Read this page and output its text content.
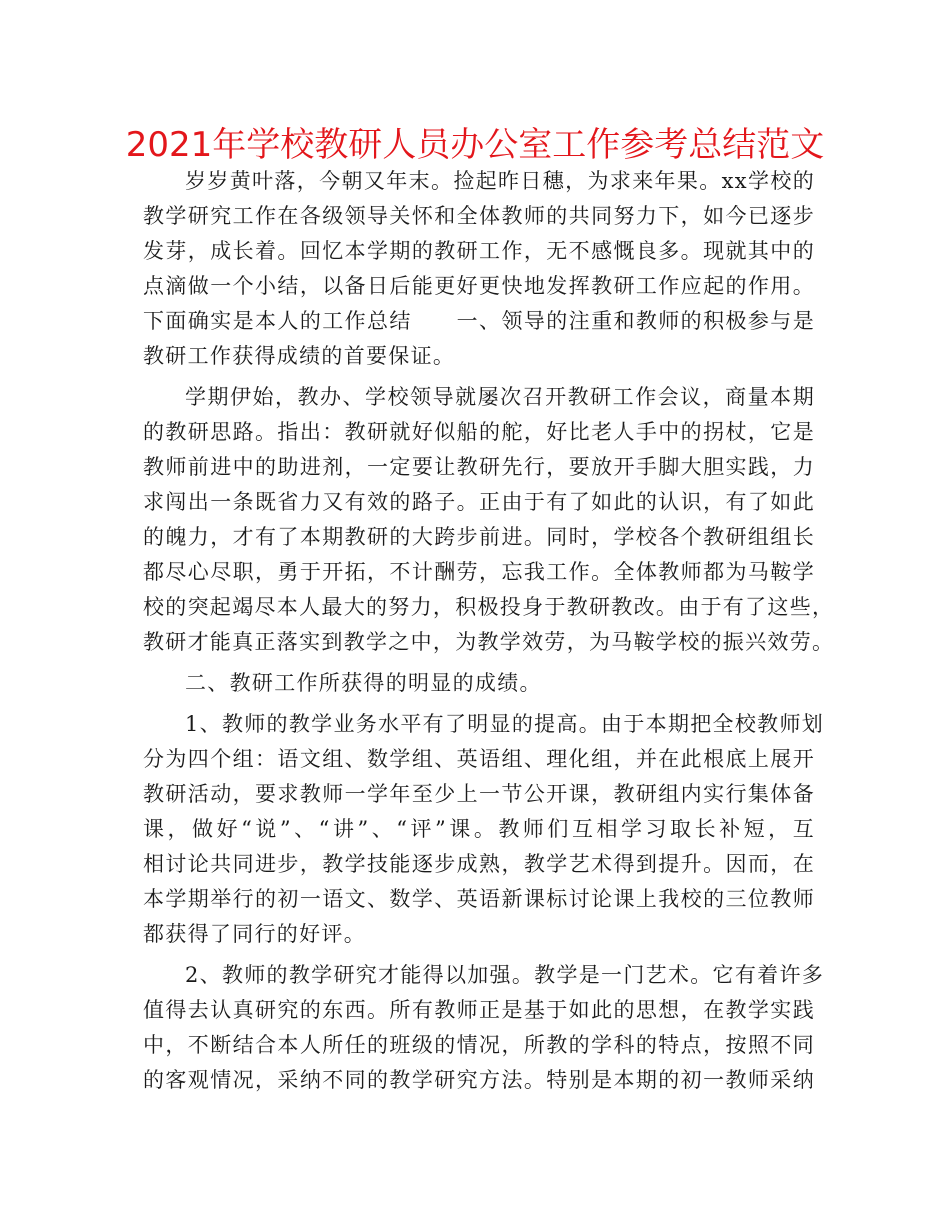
2021年学校教研人员办公室工作参考总结范文

岁岁黄叶落，今朝又年末。捡起昨日穗，为求来年果。xx学校的
教学研究工作在各级领导关怀和全体教师的共同努力下，如今已逐步
发芽，成长着。回忆本学期的教研工作，无不感慨良多。现就其中的
点滴做一个小结，以备日后能更好更快地发挥教研工作应起的作用。
下面确实是本人的工作总结　　一、领导的注重和教师的积极参与是
教研工作获得成绩的首要保证。

学期伊始，教办、学校领导就屡次召开教研工作会议，商量本期
的教研思路。指出：教研就好似船的舵，好比老人手中的拐杖，它是
教师前进中的助进剂，一定要让教研先行，要放开手脚大胆实践，力
求闯出一条既省力又有效的路子。正由于有了如此的认识，有了如此
的魄力，才有了本期教研的大跨步前进。同时，学校各个教研组组长
都尽心尽职，勇于开拓，不计酬劳，忘我工作。全体教师都为马鞍学
校的突起竭尽本人最大的努力，积极投身于教研教改。由于有了这些，
教研才能真正落实到教学之中，为教学效劳，为马鞍学校的振兴效劳。

二、教研工作所获得的明显的成绩。

1、教师的教学业务水平有了明显的提高。由于本期把全校教师划
分为四个组：语文组、数学组、英语组、理化组，并在此根底上展开
教研活动，要求教师一学年至少上一节公开课，教研组内实行集体备
课，做好“说”、“讲”、“评”课。教师们互相学习取长补短，互
相讨论共同进步，教学技能逐步成熟，教学艺术得到提升。因而，在
本学期举行的初一语文、数学、英语新课标讨论课上我校的三位教师
都获得了同行的好评。

2、教师的教学研究才能得以加强。教学是一门艺术。它有着许多
值得去认真研究的东西。所有教师正是基于如此的思想，在教学实践
中，不断结合本人所任的班级的情况，所教的学科的特点，按照不同
的客观情况，采纳不同的教学研究方法。特别是本期的初一教师采纳
